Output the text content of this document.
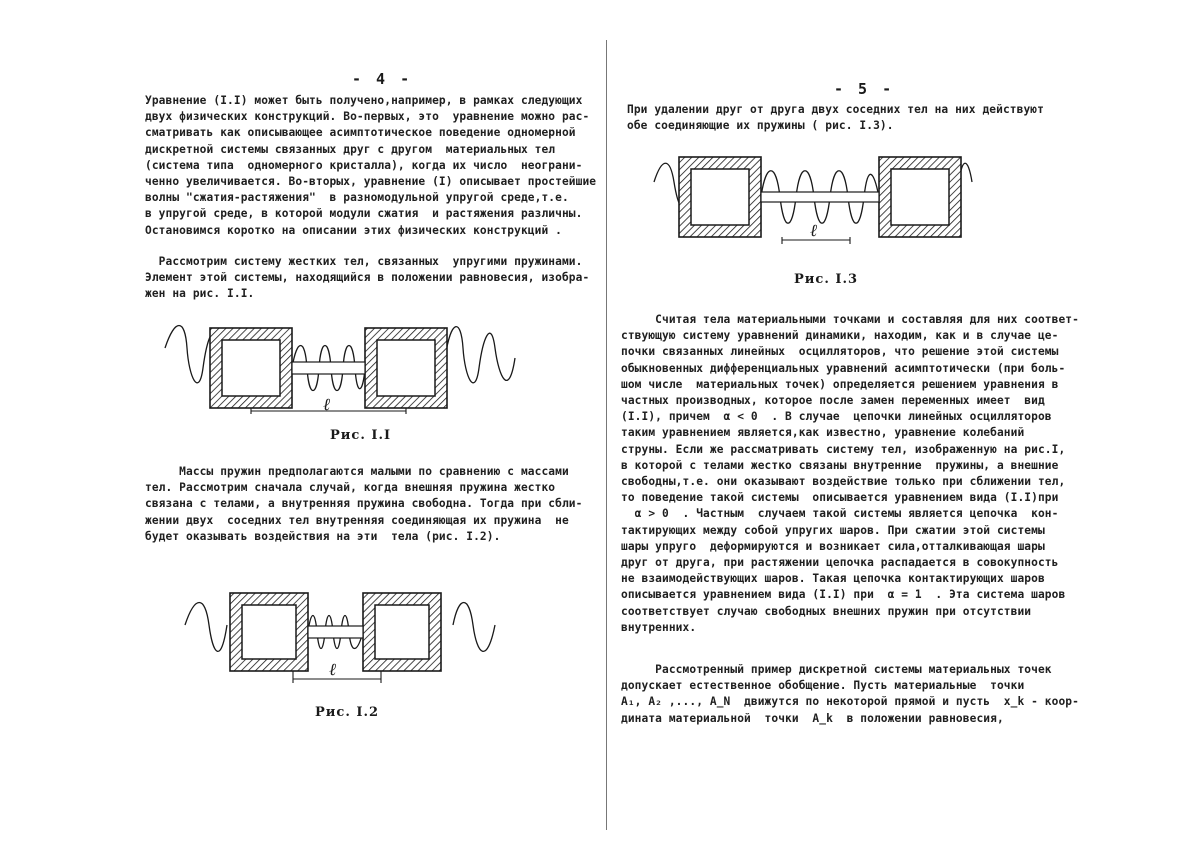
- 4 -
Уравнение (I.I) может быть получено,например, в рамках следующих
двух физических конструкций. Во-первых, это  уравнение можно рас-
сматривать как описывающее асимптотическое поведение одномерной
дискретной системы связанных друг с другом  материальных тел
(система типа  одномерного кристалла), когда их число  неограни-
ченно увеличивается. Во-вторых, уравнение (I) описывает простейшие
волны "сжатия-растяжения"  в разномодульной упругой среде,т.е.
в упругой среде, в которой модули сжатия  и растяжения различны.
Остановимся коротко на описании этих физических конструкций .
Рассмотрим систему жестких тел, связанных  упругими пружинами.
Элемент этой системы, находящийся в положении равновесия, изобра-
жен на рис. I.I.
ℓ
Рис. I.I
Массы пружин предполагаются малыми по сравнению с массами
тел. Рассмотрим сначала случай, когда внешняя пружина жестко
связана с телами, а внутренняя пружина свободна. Тогда при сбли-
жении двух  соседних тел внутренняя соединяющая их пружина  не
будет оказывать воздействия на эти  тела (рис. I.2).
ℓ
Рис. I.2
- 5 -
При удалении друг от друга двух соседних тел на них действуют
обе соединяющие их пружины ( рис. I.3).
ℓ
Рис. I.3
Считая тела материальными точками и составляя для них соответ-
ствующую систему уравнений динамики, находим, как и в случае це-
почки связанных линейных  осцилляторов, что решение этой системы
обыкновенных дифференциальных уравнений асимптотически (при боль-
шом числе  материальных точек) определяется решением уравнения в
частных производных, которое после замен переменных имеет  вид
(I.I), причем  α < 0  . В случае  цепочки линейных осцилляторов
таким уравнением является,как известно, уравнение колебаний
струны. Если же рассматривать систему тел, изображенную на рис.I,
в которой с телами жестко связаны внутренние  пружины, а внешние
свободны,т.е. они оказывают воздействие только при сближении тел,
то поведение такой системы  описывается уравнением вида (I.I)при
α > 0  . Частным  случаем такой системы является цепочка  кон-
тактирующих между собой упругих шаров. При сжатии этой системы
шары упруго  деформируются и возникает сила,отталкивающая шары
друг от друга, при растяжении цепочка распадается в совокупность
не взаимодействующих шаров. Такая цепочка контактирующих шаров
описывается уравнением вида (I.I) при  α = 1  . Эта система шаров
соответствует случаю свободных внешних пружин при отсутствии
внутренних.
Рассмотренный пример дискретной системы материальных точек
допускает естественное обобщение. Пусть материальные  точки
A₁, A₂ ,..., A_N  движутся по некоторой прямой и пусть  x_k - коор-
дината материальной  точки  A_k  в положении равновесия,
